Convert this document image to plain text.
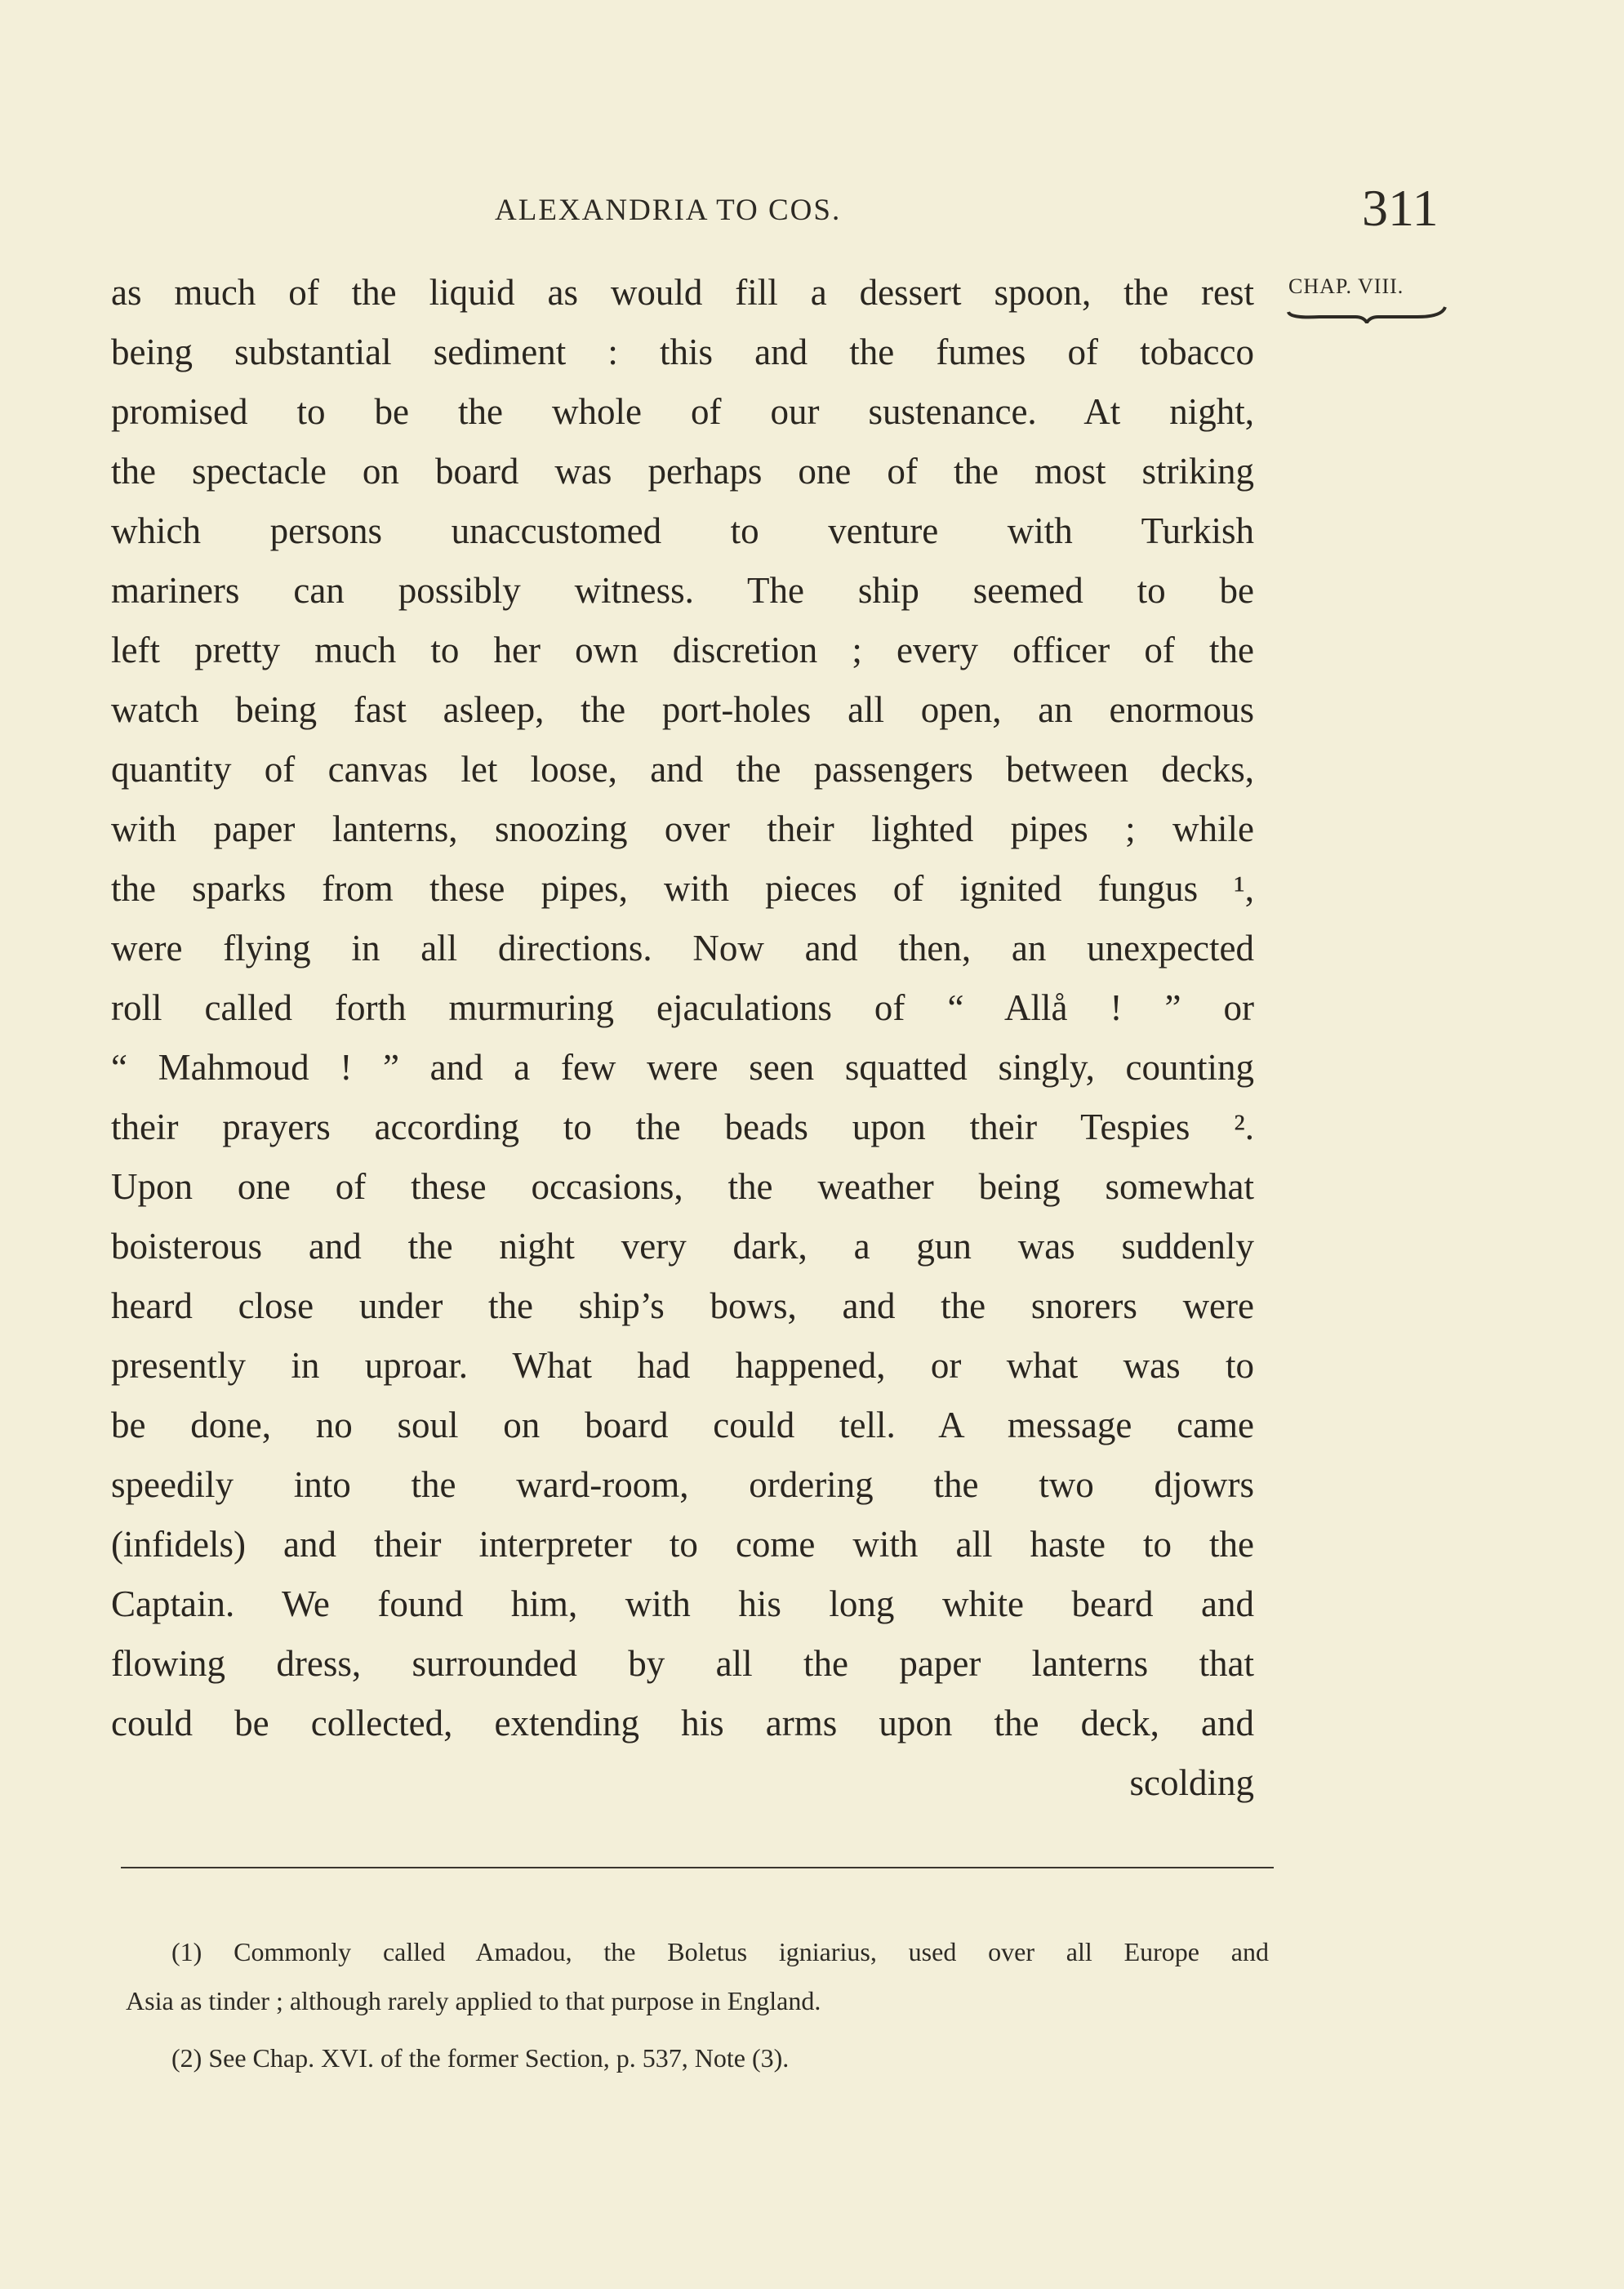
ALEXANDRIA TO COS.	311
CHAP. VIII.
as much of the liquid as would fill a dessert spoon, the rest
being substantial sediment : this and the fumes of tobacco
promised to be the whole of our sustenance. At night,
the spectacle on board was perhaps one of the most striking
which persons unaccustomed to venture with Turkish
mariners can possibly witness. The ship seemed to be
left pretty much to her own discretion ; every officer of the
watch being fast asleep, the port-holes all open, an enormous
quantity of canvas let loose, and the passengers between decks,
with paper lanterns, snoozing over their lighted pipes ; while
the sparks from these pipes, with pieces of ignited fungus ¹,
were flying in all directions. Now and then, an unexpected
roll called forth murmuring ejaculations of “ Allå ! ” or
“ Mahmoud ! ” and a few were seen squatted singly, counting
their prayers according to the beads upon their Tespies ².
Upon one of these occasions, the weather being somewhat
boisterous and the night very dark, a gun was suddenly
heard close under the ship’s bows, and the snorers were
presently in uproar. What had happened, or what was to
be done, no soul on board could tell. A message came
speedily into the ward-room, ordering the two djowrs
(infidels) and their interpreter to come with all haste to the
Captain. We found him, with his long white beard and
flowing dress, surrounded by all the paper lanterns that
could be collected, extending his arms upon the deck, and
scolding
(1) Commonly called Amadou, the Boletus igniarius, used over all Europe and
Asia as tinder ; although rarely applied to that purpose in England.
(2) See Chap. XVI. of the former Section, p. 537, Note (3).
